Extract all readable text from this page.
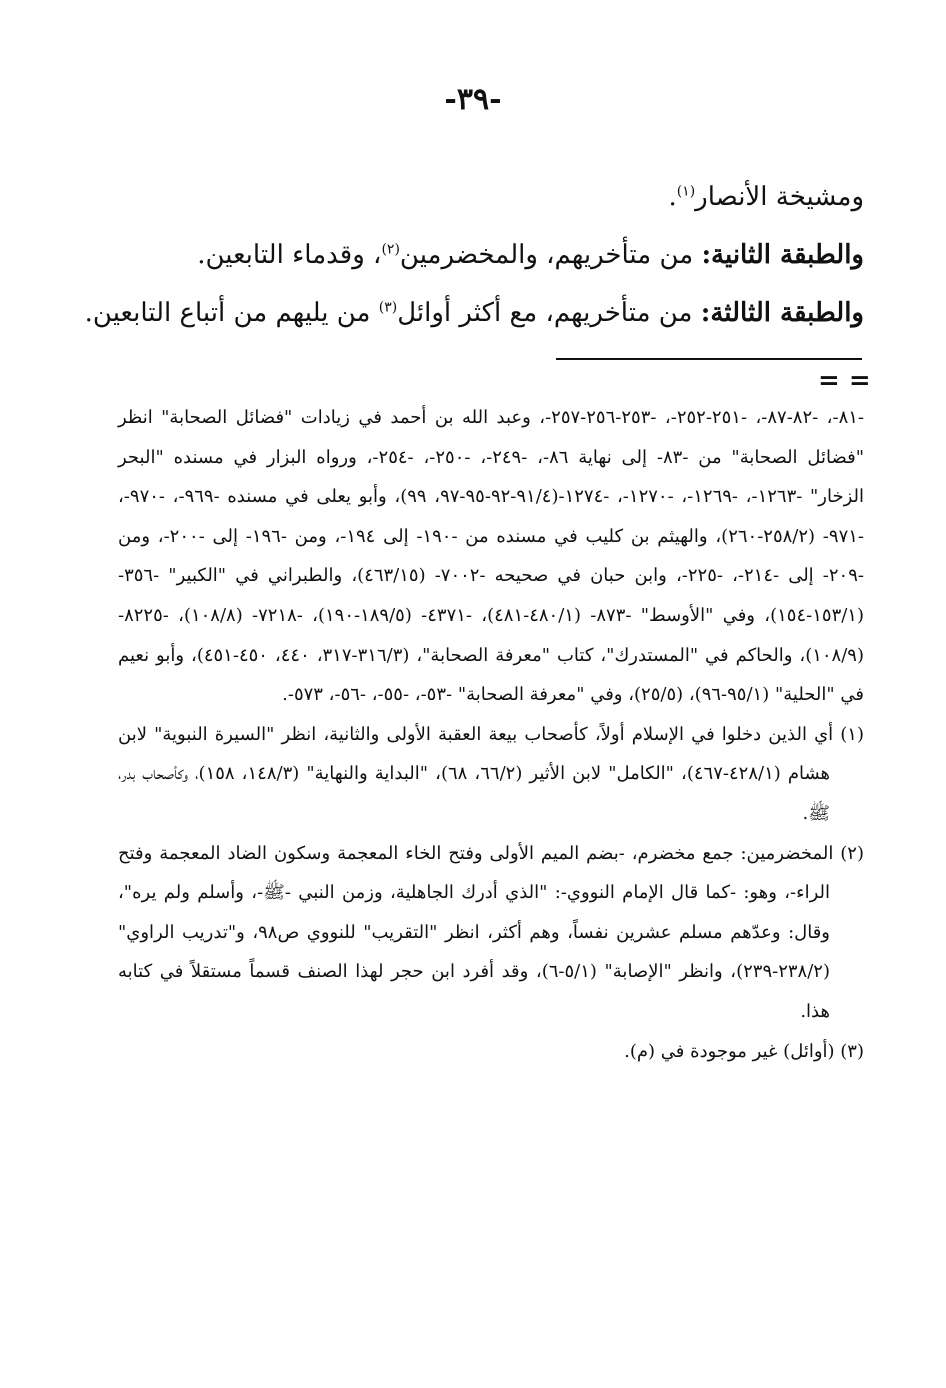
-٣٩-

ومشيخة الأنصار$^{(١)}$.

والطبقة الثانية: من متأخريهم، والمخضرمين$^{(٢)}$، وقدماء التابعين.

والطبقة الثالثة: من متأخريهم، مع أكثر أوائل$^{(٣)}$ من يليهم من أتباع التابعين.

= =

-٨١-، -٨٢-٨٧-، -٢٥١-٢٥٢-، -٢٥٣-٢٥٦-٢٥٧-، وعبد الله بن أحمد في زيادات "فضائل الصحابة" انظر "فضائل الصحابة" من -٨٣- إلى نهاية ٨٦-، -٢٤٩-، -٢٥٠-، -٢٥٤-، ورواه البزار في مسنده "البحر الزخار" -١٢٦٣-، -١٢٦٩-، -١٢٧٠-، -١٢٧٤-(٩١/٤-٩٢-٩٥-٩٧، ٩٩)، وأبو يعلى في مسنده -٩٦٩-، -٩٧٠-، -٩٧١- (٢٥٨/٢-٢٦٠)، والهيثم بن كليب في مسنده من -١٩٠- إلى ١٩٤-، ومن -١٩٦- إلى -٢٠٠-، ومن -٢٠٩- إلى -٢١٤-، -٢٢٥-، وابن حبان في صحيحه -٧٠٠٢- (٤٦٣/١٥)، والطبراني في "الكبير" -٣٥٦- (١٥٣/١-١٥٤)، وفي "الأوسط" -٨٧٣- (٤٨٠/١-٤٨١)، -٤٣٧١- (١٨٩/٥-١٩٠)، -٧٢١٨- (١٠٨/٨)، -٨٢٢٥- (١٠٨/٩)، والحاكم في "المستدرك"، كتاب "معرفة الصحابة"، (٣١٦/٣-٣١٧، ٤٤٠، ٤٥٠-٤٥١)، وأبو نعيم في "الحلية" (٩٥/١-٩٦)، (٢٥/٥)، وفي "معرفة الصحابة" -٥٣-، -٥٥-، -٥٦-، ٥٧٣-.

(١) أي الذين دخلوا في الإسلام أولاً، كأصحاب بيعة العقبة الأولى والثانية، انظر "السيرة النبوية" لابن هشام (٤٢٨/١-٤٦٧)، "الكامل" لابن الأثير (٦٦/٢، ٦٨)، "البداية والنهاية" (١٤٨/٣، ١٥٨)، وكأصحاب بدر، ﷺ.

(٢) المخضرمين: جمع مخضرم، -بضم الميم الأولى وفتح الخاء المعجمة وسكون الضاد المعجمة وفتح الراء-، وهو: -كما قال الإمام النووي-: "الذي أدرك الجاهلية، وزمن النبي -ﷺ-، وأسلم ولم يره"، وقال: وعدّهم مسلم عشرين نفساً، وهم أكثر، انظر "التقريب" للنووي ص٩٨، و"تدريب الراوي" (٢٣٨/٢-٢٣٩)، وانظر "الإصابة" (٥/١-٦)، وقد أفرد ابن حجر لهذا الصنف قسماً مستقلاً في كتابه هذا.

(٣) (أوائل) غير موجودة في (م).
